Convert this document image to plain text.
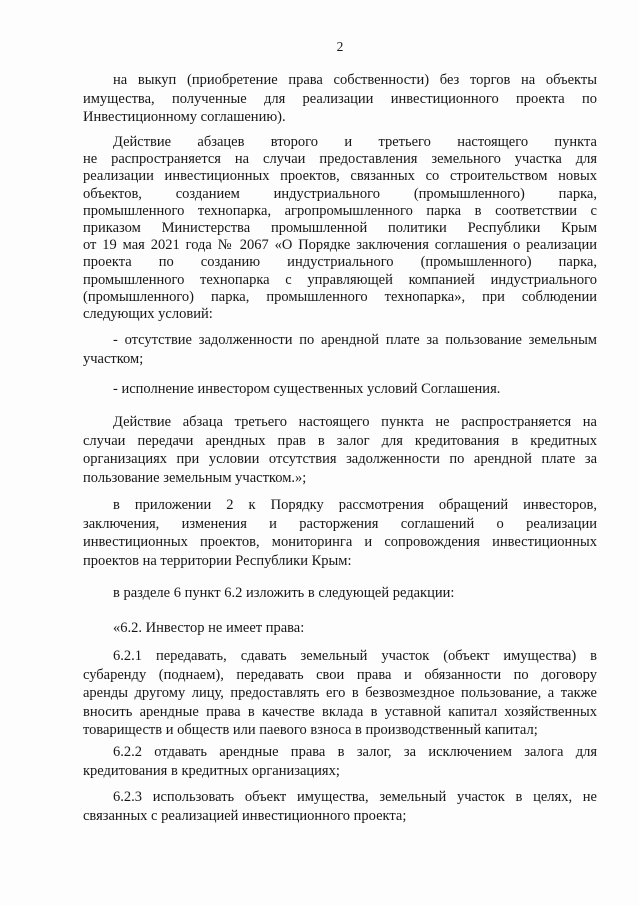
2
на выкуп (приобретение права собственности) без торгов на объекты
имущества, полученные для реализации инвестиционного проекта по
Инвестиционному соглашению).
Действие абзацев второго и третьего настоящего пункта
не распространяется на случаи предоставления земельного участка для
реализации инвестиционных проектов, связанных со строительством новых
объектов, созданием индустриального (промышленного) парка,
промышленного технопарка, агропромышленного парка в соответствии с
приказом Министерства промышленной политики Республики Крым
от 19 мая 2021 года № 2067 «О Порядке заключения соглашения о реализации
проекта по созданию индустриального (промышленного) парка,
промышленного технопарка с управляющей компанией индустриального
(промышленного) парка, промышленного технопарка», при соблюдении
следующих условий:
- отсутствие задолженности по арендной плате за пользование земельным
участком;
- исполнение инвестором существенных условий Соглашения.
Действие абзаца третьего настоящего пункта не распространяется на
случаи передачи арендных прав в залог для кредитования в кредитных
организациях при условии отсутствия задолженности по арендной плате за
пользование земельным участком.»;
в приложении 2 к Порядку рассмотрения обращений инвесторов,
заключения, изменения и расторжения соглашений о реализации
инвестиционных проектов, мониторинга и сопровождения инвестиционных
проектов на территории Республики Крым:
в разделе 6 пункт 6.2 изложить в следующей редакции:
«6.2. Инвестор не имеет права:
6.2.1 передавать, сдавать земельный участок (объект имущества) в
субаренду (поднаем), передавать свои права и обязанности по договору
аренды другому лицу, предоставлять его в безвозмездное пользование, а также
вносить арендные права в качестве вклада в уставной капитал хозяйственных
товариществ и обществ или паевого взноса в производственный капитал;
6.2.2 отдавать арендные права в залог, за исключением залога для
кредитования в кредитных организациях;
6.2.3 использовать объект имущества, земельный участок в целях, не
связанных с реализацией инвестиционного проекта;
